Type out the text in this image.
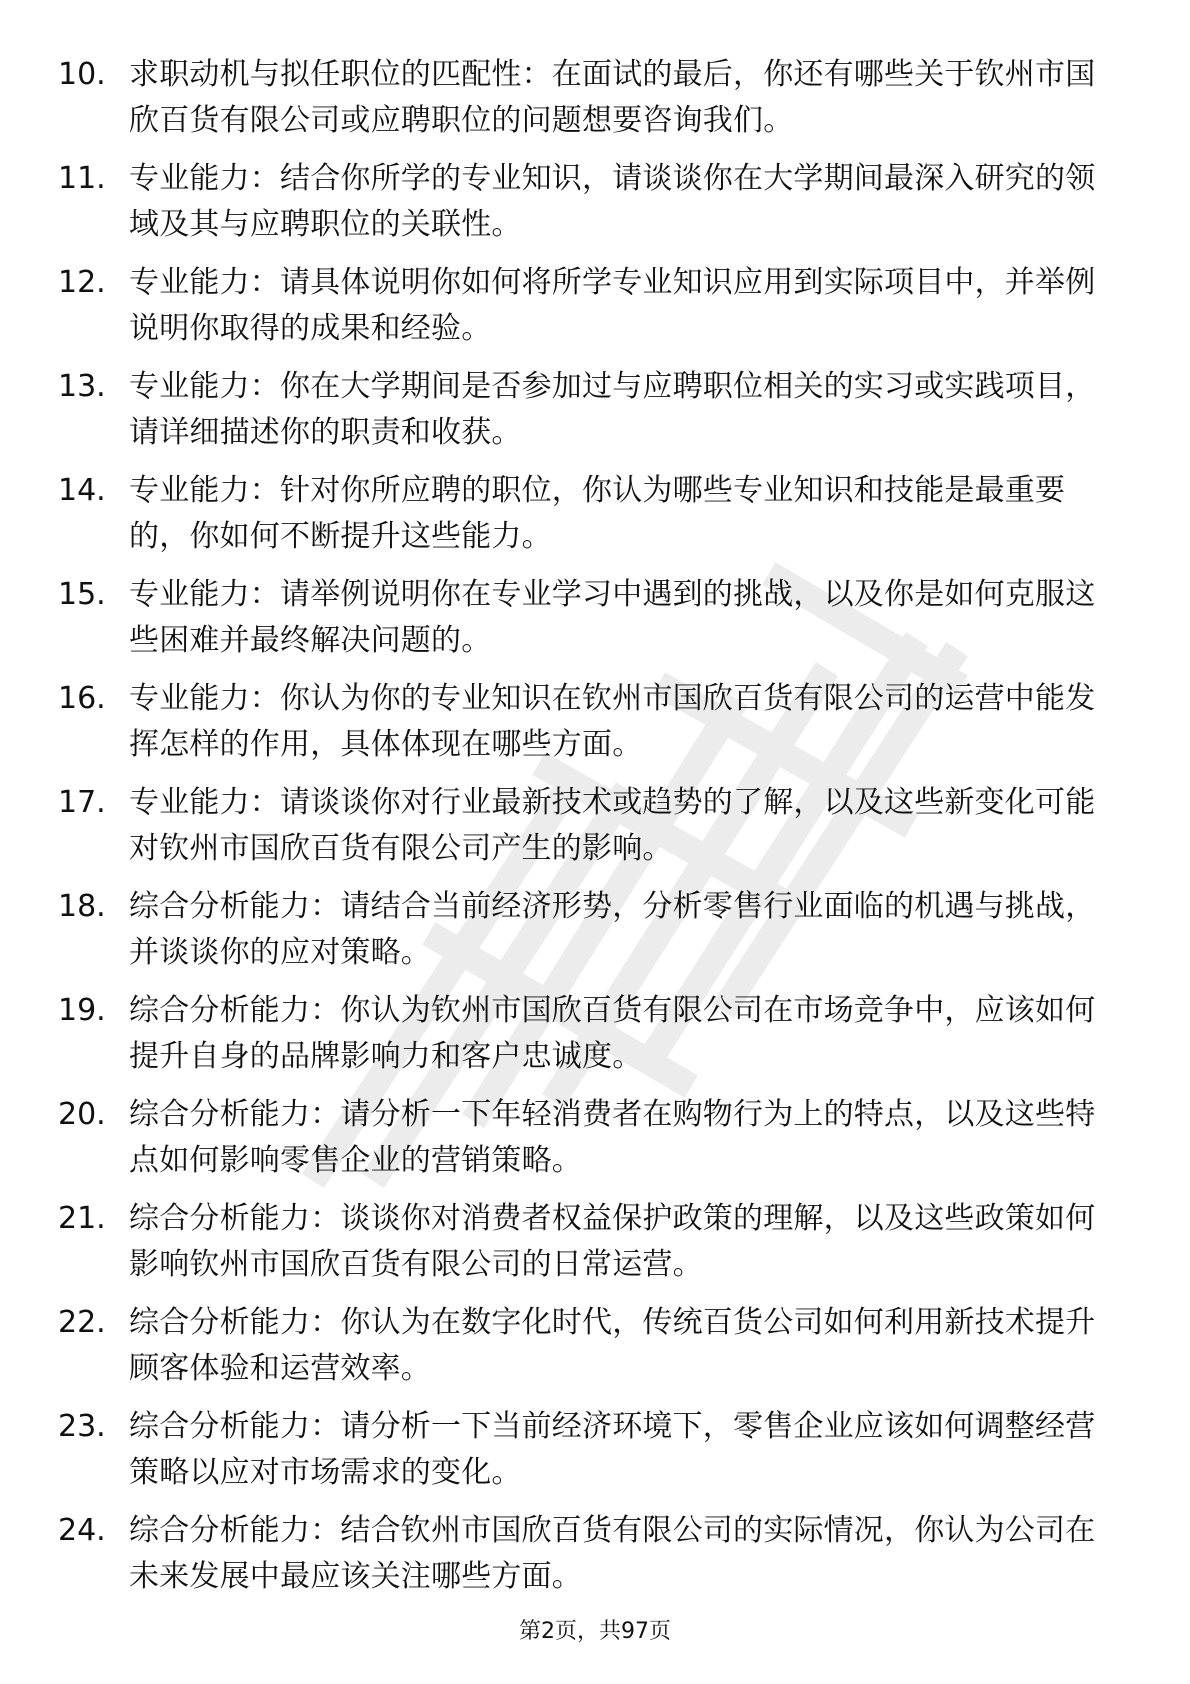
10. 求职动机与拟任职位的匹配性：在面试的最后，你还有哪些关于钦州市国欣百货有限公司或应聘职位的问题想要咨询我们。
11. 专业能力：结合你所学的专业知识，请谈谈你在大学期间最深入研究的领域及其与应聘职位的关联性。
12. 专业能力：请具体说明你如何将所学专业知识应用到实际项目中，并举例说明你取得的成果和经验。
13. 专业能力：你在大学期间是否参加过与应聘职位相关的实习或实践项目，请详细描述你的职责和收获。
14. 专业能力：针对你所应聘的职位，你认为哪些专业知识和技能是最重要的，你如何不断提升这些能力。
15. 专业能力：请举例说明你在专业学习中遇到的挑战，以及你是如何克服这些困难并最终解决问题的。
16. 专业能力：你认为你的专业知识在钦州市国欣百货有限公司的运营中能发挥怎样的作用，具体体现在哪些方面。
17. 专业能力：请谈谈你对行业最新技术或趋势的了解，以及这些新变化可能对钦州市国欣百货有限公司产生的影响。
18. 综合分析能力：请结合当前经济形势，分析零售行业面临的机遇与挑战，并谈谈你的应对策略。
19. 综合分析能力：你认为钦州市国欣百货有限公司在市场竞争中，应该如何提升自身的品牌影响力和客户忠诚度。
20. 综合分析能力：请分析一下年轻消费者在购物行为上的特点，以及这些特点如何影响零售企业的营销策略。
21. 综合分析能力：谈谈你对消费者权益保护政策的理解，以及这些政策如何影响钦州市国欣百货有限公司的日常运营。
22. 综合分析能力：你认为在数字化时代，传统百货公司如何利用新技术提升顾客体验和运营效率。
23. 综合分析能力：请分析一下当前经济环境下，零售企业应该如何调整经营策略以应对市场需求的变化。
24. 综合分析能力：结合钦州市国欣百货有限公司的实际情况，你认为公司在未来发展中最应该关注哪些方面。
第2页，共97页
